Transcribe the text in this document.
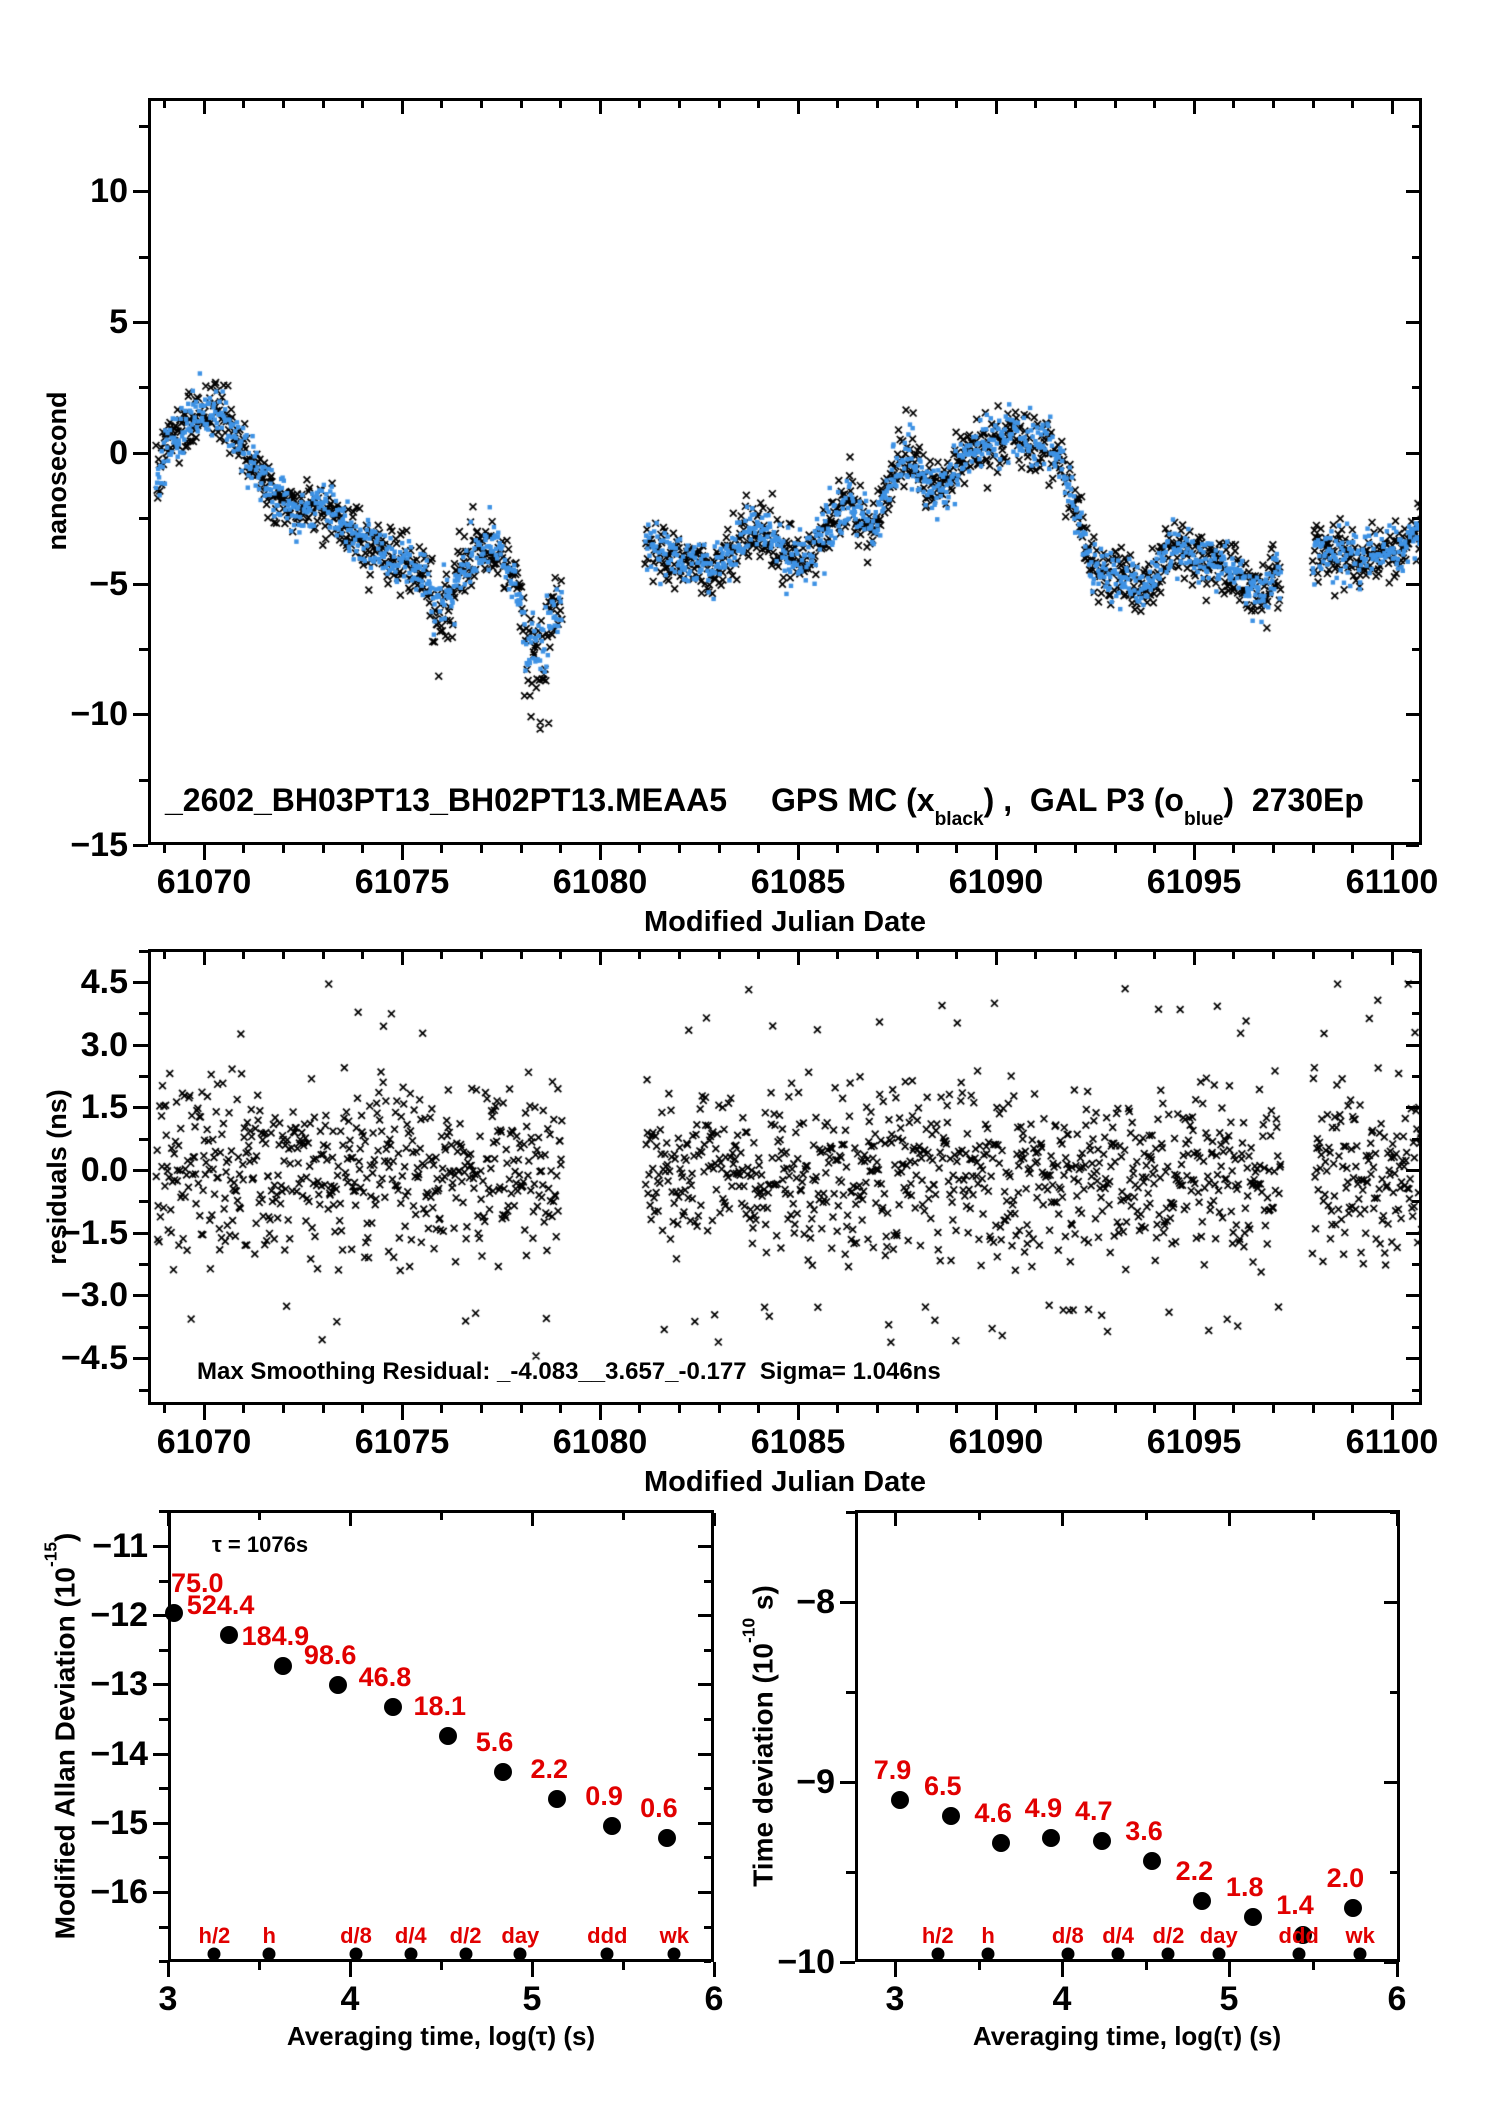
_2602_BH03PT13_BH02PT13.MEAA5 GPS MC $(x_{black})$ ,  GAL P3 $(o_{blue})$  2730Ep
Modified Julian Date
nanosecond
Max Smoothing Residual: _-4.083__3.657_-0.177  Sigma= 1.046ns
Modified Julian Date
residuals (ns)
τ = 1076s
Averaging time, log(τ) (s)
Modified Allan Deviation $(10^{-15})$
Averaging time, log(τ) (s)
Time deviation ($10^{-10}$ s)
61070	61075	61080	61085	61090	61095	61100
10
5
0
−5
−10
−15
61070	61075	61080	61085	61090	61095	61100
4.5
3.0
1.5
0.0
−1.5
−3.0
−4.5
3	4	5	6
−11
−12
−13
−14
−15
−16
3	4	5	6
−8
−9
−10
75.0
524.4
184.9
98.6
46.8
18.1
5.6
2.2
0.9 0.6
h/2 h	d/8 d/4 d/2 day ddd wk
7.9
6.5
4.6 4.9 4.7
3.6
2.2
1.8
1.4
2.0
h/2 h	d/8 d/4 d/2 day ddd wk
